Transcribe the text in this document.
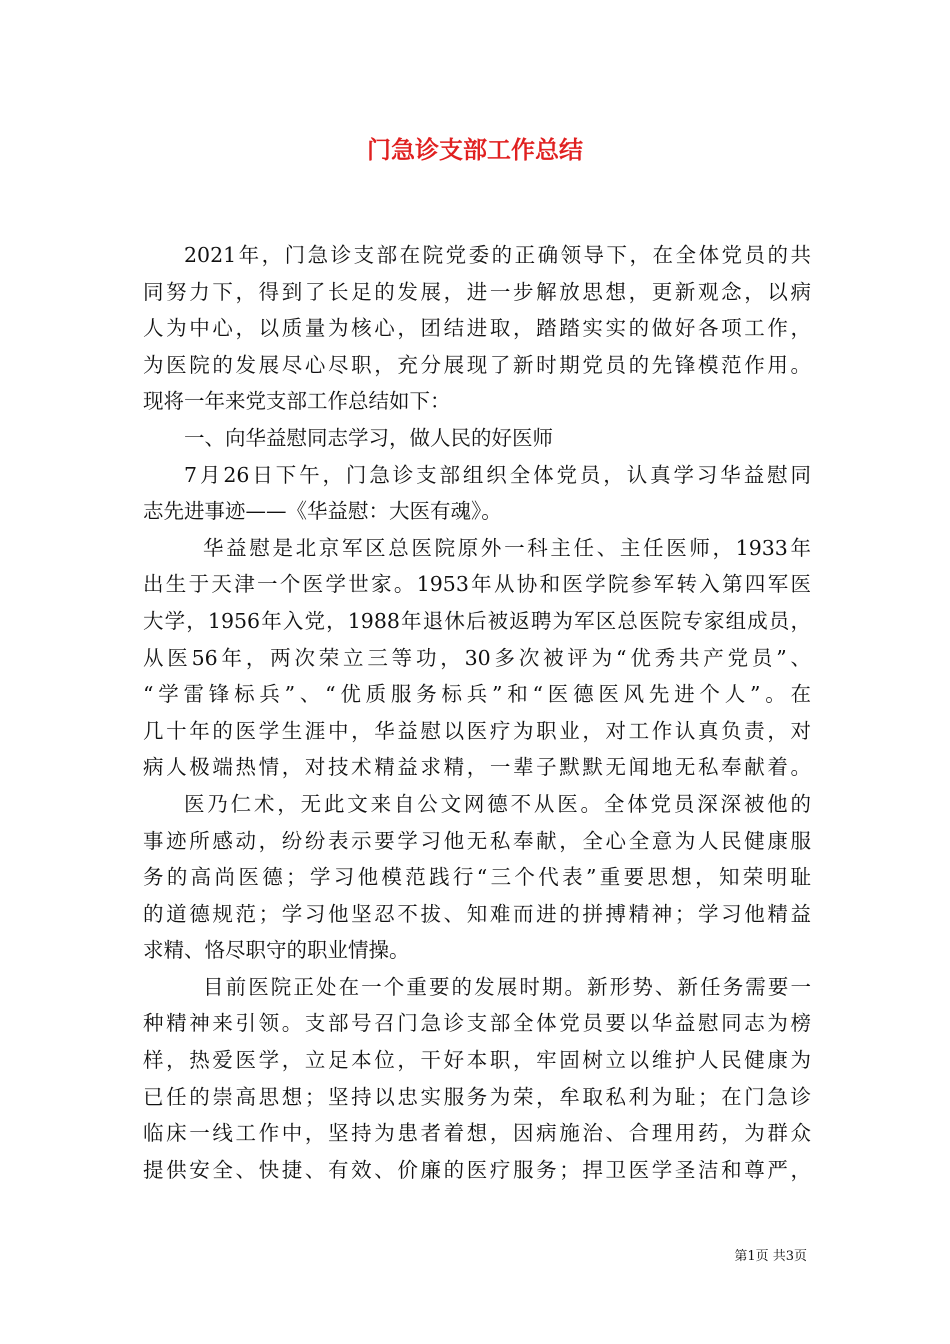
门急诊支部工作总结
2021年，门急诊支部在院党委的正确领导下，在全体党员的共
同努力下，得到了长足的发展，进一步解放思想，更新观念，以病
人为中心，以质量为核心，团结进取，踏踏实实的做好各项工作，
为医院的发展尽心尽职，充分展现了新时期党员的先锋模范作用。
现将一年来党支部工作总结如下：
一、向华益慰同志学习，做人民的好医师
7月26日下午，门急诊支部组织全体党员，认真学习华益慰同
志先进事迹——《华益慰：大医有魂》。
华益慰是北京军区总医院原外一科主任、主任医师，1933年
出生于天津一个医学世家。1953年从协和医学院参军转入第四军医
大学，1956年入党，1988年退休后被返聘为军区总医院专家组成员，
从医56年，两次荣立三等功，30多次被评为“优秀共产党员”、
“学雷锋标兵”、“优质服务标兵”和“医德医风先进个人”。在
几十年的医学生涯中，华益慰以医疗为职业，对工作认真负责，对
病人极端热情，对技术精益求精，一辈子默默无闻地无私奉献着。
医乃仁术，无此文来自公文网德不从医。全体党员深深被他的
事迹所感动，纷纷表示要学习他无私奉献，全心全意为人民健康服
务的高尚医德；学习他模范践行“三个代表”重要思想，知荣明耻
的道德规范；学习他坚忍不拔、知难而进的拼搏精神；学习他精益
求精、恪尽职守的职业情操。
目前医院正处在一个重要的发展时期。新形势、新任务需要一
种精神来引领。支部号召门急诊支部全体党员要以华益慰同志为榜
样，热爱医学，立足本位，干好本职，牢固树立以维护人民健康为
已任的崇高思想；坚持以忠实服务为荣，牟取私利为耻；在门急诊
临床一线工作中，坚持为患者着想，因病施治、合理用药，为群众
提供安全、快捷、有效、价廉的医疗服务；捍卫医学圣洁和尊严，
第1页 共3页
